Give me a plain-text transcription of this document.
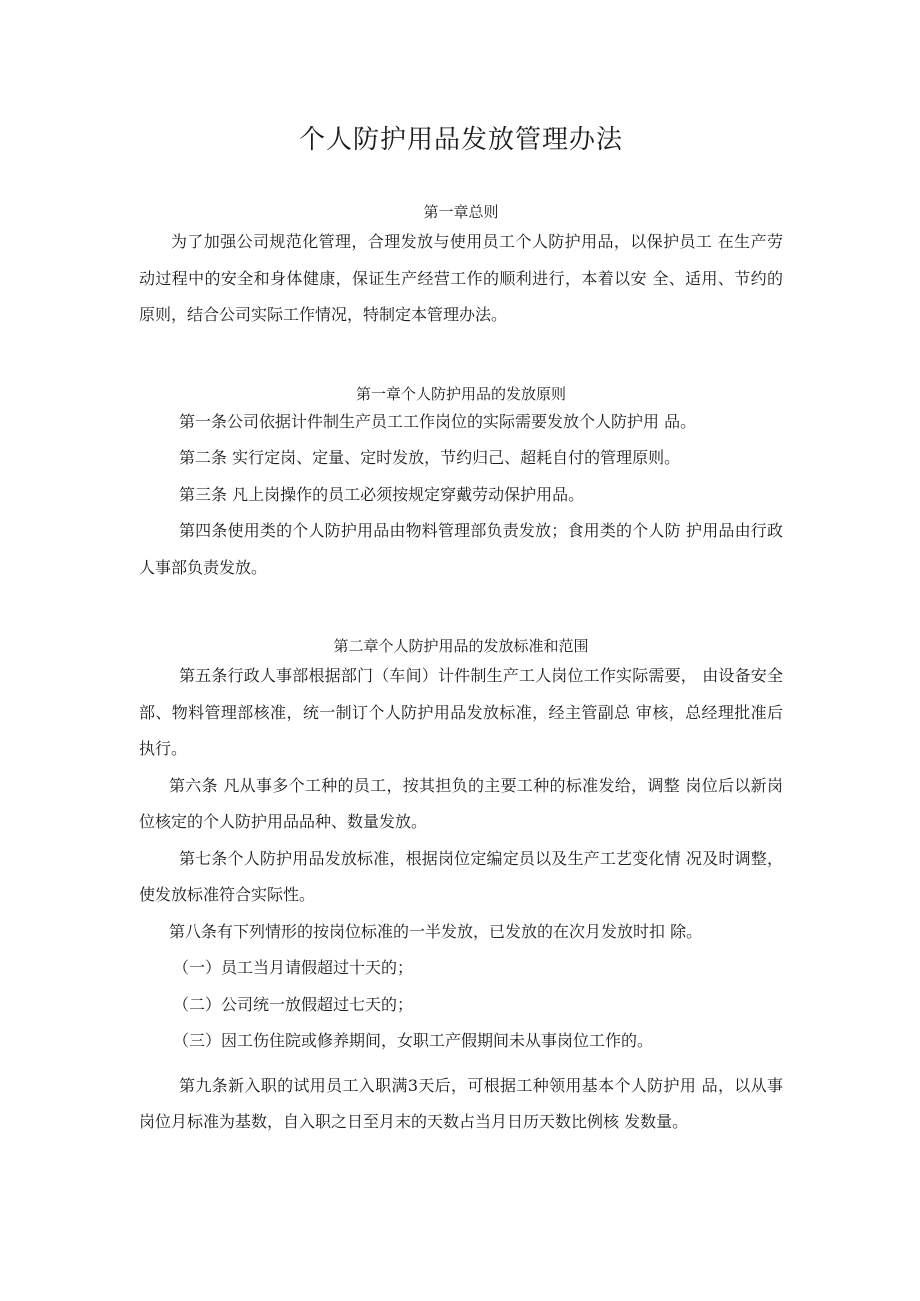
个人防护用品发放管理办法

第一章总则

为了加强公司规范化管理，合理发放与使用员工个人防护用品，以保护员工 在生产劳动过程中的安全和身体健康，保证生产经营工作的顺利进行，本着以安 全、适用、节约的原则，结合公司实际工作情况，特制定本管理办法。

第一章个人防护用品的发放原则

第一条公司依据计件制生产员工工作岗位的实际需要发放个人防护用 品。

第二条 实行定岗、定量、定时发放，节约归己、超耗自付的管理原则。

第三条 凡上岗操作的员工必须按规定穿戴劳动保护用品。

第四条使用类的个人防护用品由物料管理部负责发放；食用类的个人防 护用品由行政人事部负责发放。

第二章个人防护用品的发放标准和范围

第五条行政人事部根据部门（车间）计件制生产工人岗位工作实际需要， 由设备安全部、物料管理部核准，统一制订个人防护用品发放标准，经主管副总 审核，总经理批准后执行。

第六条 凡从事多个工种的员工，按其担负的主要工种的标准发给，调整 岗位后以新岗位核定的个人防护用品品种、数量发放。

第七条个人防护用品发放标准，根据岗位定编定员以及生产工艺变化情 况及时调整，使发放标准符合实际性。

第八条有下列情形的按岗位标准的一半发放，已发放的在次月发放时扣 除。

（一）员工当月请假超过十天的；

（二）公司统一放假超过七天的；

（三）因工伤住院或修养期间，女职工产假期间未从事岗位工作的。

第九条新入职的试用员工入职满3天后，可根据工种领用基本个人防护用 品，以从事岗位月标准为基数，自入职之日至月末的天数占当月日历天数比例核 发数量。
